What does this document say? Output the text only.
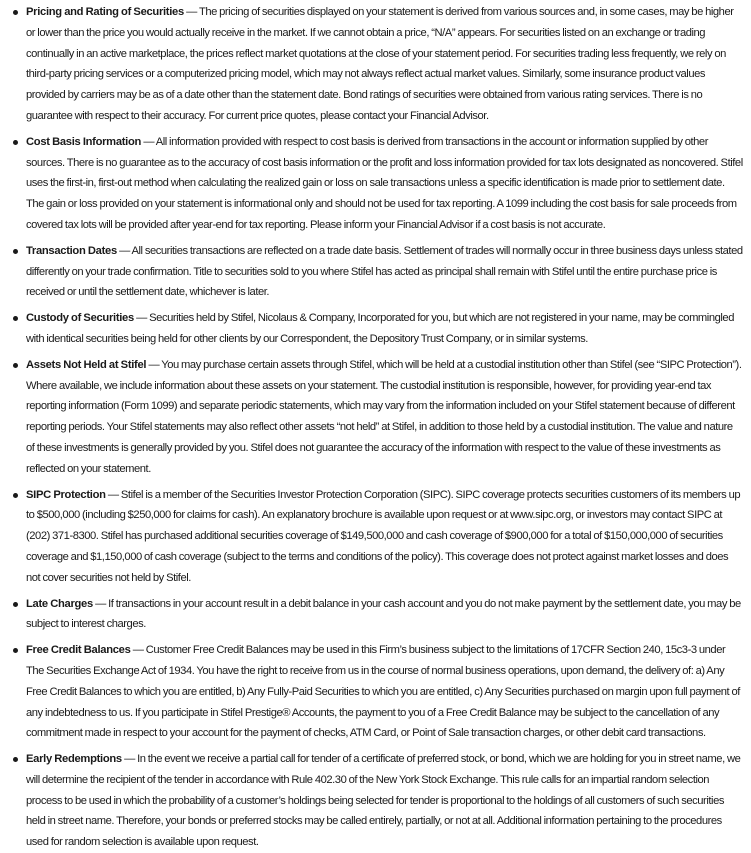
Pricing and Rating of Securities — The pricing of securities displayed on your statement is derived from various sources and, in some cases, may be higher or lower than the price you would actually receive in the market. If we cannot obtain a price, “N/A” appears. For securities listed on an exchange or trading continually in an active marketplace, the prices reflect market quotations at the close of your statement period. For securities trading less frequently, we rely on third-party pricing services or a computerized pricing model, which may not always reflect actual market values. Similarly, some insurance product values provided by carriers may be as of a date other than the statement date. Bond ratings of securities were obtained from various rating services. There is no guarantee with respect to their accuracy. For current price quotes, please contact your Financial Advisor.

Cost Basis Information — All information provided with respect to cost basis is derived from transactions in the account or information supplied by other sources. There is no guarantee as to the accuracy of cost basis information or the profit and loss information provided for tax lots designated as noncovered. Stifel uses the first-in, first-out method when calculating the realized gain or loss on sale transactions unless a specific identification is made prior to settlement date. The gain or loss provided on your statement is informational only and should not be used for tax reporting. A 1099 including the cost basis for sale proceeds from covered tax lots will be provided after year-end for tax reporting. Please inform your Financial Advisor if a cost basis is not accurate.

Transaction Dates — All securities transactions are reflected on a trade date basis. Settlement of trades will normally occur in three business days unless stated differently on your trade confirmation. Title to securities sold to you where Stifel has acted as principal shall remain with Stifel until the entire purchase price is received or until the settlement date, whichever is later.

Custody of Securities — Securities held by Stifel, Nicolaus & Company, Incorporated for you, but which are not registered in your name, may be commingled with identical securities being held for other clients by our Correspondent, the Depository Trust Company, or in similar systems.

Assets Not Held at Stifel — You may purchase certain assets through Stifel, which will be held at a custodial institution other than Stifel (see “SIPC Protection”). Where available, we include information about these assets on your statement. The custodial institution is responsible, however, for providing year-end tax reporting information (Form 1099) and separate periodic statements, which may vary from the information included on your Stifel statement because of different reporting periods. Your Stifel statements may also reflect other assets “not held” at Stifel, in addition to those held by a custodial institution. The value and nature of these investments is generally provided by you. Stifel does not guarantee the accuracy of the information with respect to the value of these investments as reflected on your statement.

SIPC Protection — Stifel is a member of the Securities Investor Protection Corporation (SIPC). SIPC coverage protects securities customers of its members up to $500,000 (including $250,000 for claims for cash). An explanatory brochure is available upon request or at www.sipc.org, or investors may contact SIPC at (202) 371-8300. Stifel has purchased additional securities coverage of $149,500,000 and cash coverage of $900,000 for a total of $150,000,000 of securities coverage and $1,150,000 of cash coverage (subject to the terms and conditions of the policy). This coverage does not protect against market losses and does not cover securities not held by Stifel.

Late Charges — If transactions in your account result in a debit balance in your cash account and you do not make payment by the settlement date, you may be subject to interest charges.

Free Credit Balances — Customer Free Credit Balances may be used in this Firm’s business subject to the limitations of 17CFR Section 240, 15c3-3 under The Securities Exchange Act of 1934. You have the right to receive from us in the course of normal business operations, upon demand, the delivery of: a) Any Free Credit Balances to which you are entitled, b) Any Fully-Paid Securities to which you are entitled, c) Any Securities purchased on margin upon full payment of any indebtedness to us. If you participate in Stifel Prestige® Accounts, the payment to you of a Free Credit Balance may be subject to the cancellation of any commitment made in respect to your account for the payment of checks, ATM Card, or Point of Sale transaction charges, or other debit card transactions.

Early Redemptions — In the event we receive a partial call for tender of a certificate of preferred stock, or bond, which we are holding for you in street name, we will determine the recipient of the tender in accordance with Rule 402.30 of the New York Stock Exchange. This rule calls for an impartial random selection process to be used in which the probability of a customer’s holdings being selected for tender is proportional to the holdings of all customers of such securities held in street name. Therefore, your bonds or preferred stocks may be called entirely, partially, or not at all. Additional information pertaining to the procedures used for random selection is available upon request.
